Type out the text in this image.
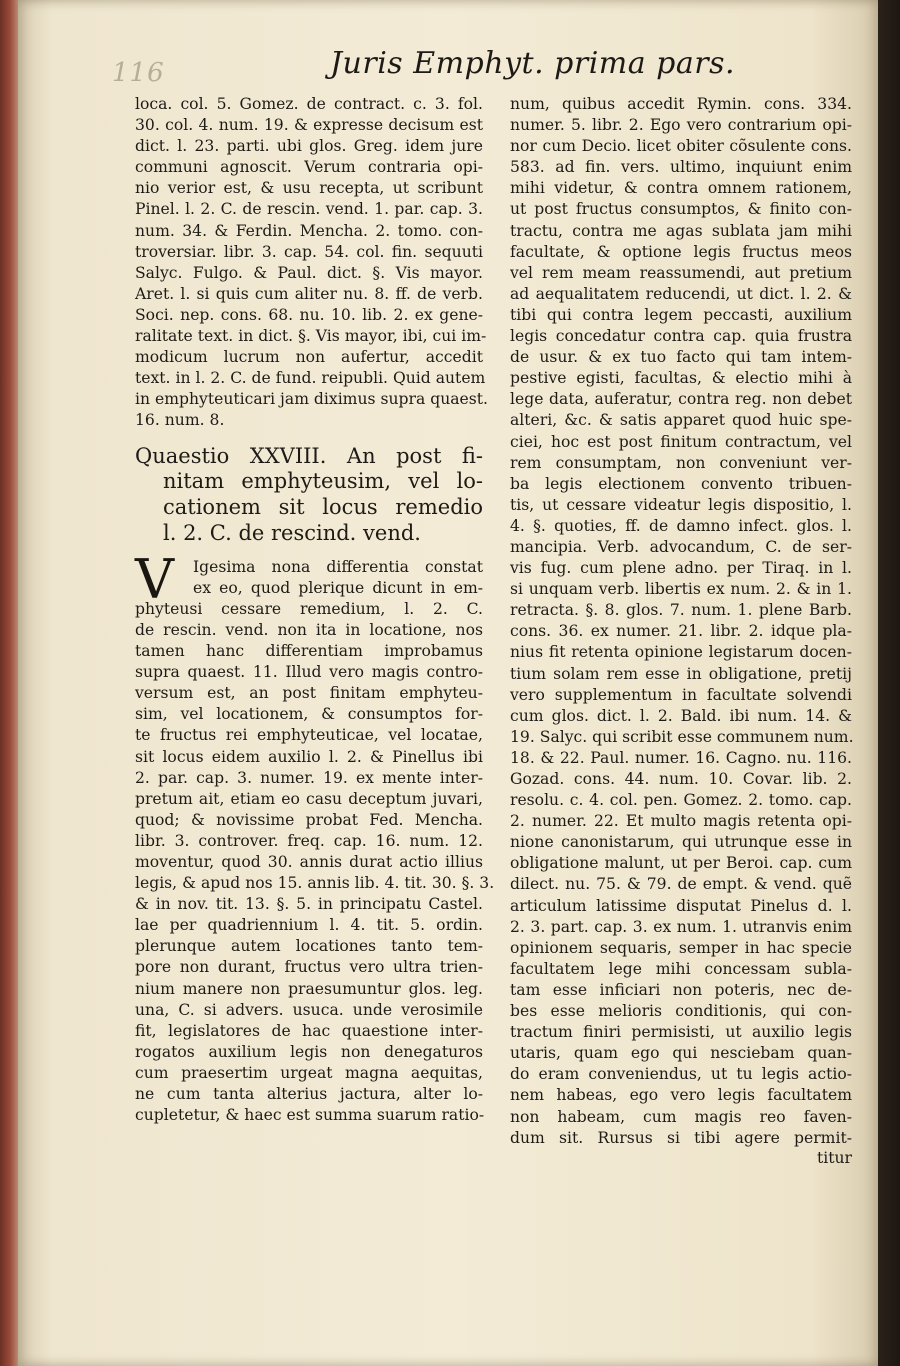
116	Juris Emphyt. prima pars.
loca. col. 5. Gomez. de contract. c. 3. fol.
30. col. 4. num. 19. & expresse decisum est
dict. l. 23. parti. ubi glos. Greg. idem jure
communi agnoscit. Verum contraria opi-
nio verior est, & usu recepta, ut scribunt
Pinel. l. 2. C. de rescin. vend. 1. par. cap. 3.
num. 34. & Ferdin. Mencha. 2. tomo. con-
troversiar. libr. 3. cap. 54. col. fin. sequuti
Salyc. Fulgo. & Paul. dict. §. Vis mayor.
Aret. l. si quis cum aliter nu. 8. ff. de verb.
Soci. nep. cons. 68. nu. 10. lib. 2. ex gene-
ralitate text. in dict. §. Vis mayor, ibi, cui im-
modicum lucrum non aufertur, accedit
text. in l. 2. C. de fund. reipubli. Quid autem
in emphyteuticari jam diximus supra quaest.
16. num. 8.
Quaestio XXVIII. An post fi-
nitam emphyteusim, vel lo-
cationem sit locus remedio
l. 2. C. de rescind. vend.
V	Igesima nona differentia constat
ex eo, quod plerique dicunt in em-
phyteusi cessare remedium, l. 2. C.
de rescin. vend. non ita in locatione, nos
tamen hanc differentiam improbamus
supra quaest. 11. Illud vero magis contro-
versum est, an post finitam emphyteu-
sim, vel locationem, & consumptos for-
te fructus rei emphyteuticae, vel locatae,
sit locus eidem auxilio l. 2. & Pinellus ibi
2. par. cap. 3. numer. 19. ex mente inter-
pretum ait, etiam eo casu deceptum juvari,
quod; & novissime probat Fed. Mencha.
libr. 3. controver. freq. cap. 16. num. 12.
moventur, quod 30. annis durat actio illius
legis, & apud nos 15. annis lib. 4. tit. 30. §. 3.
& in nov. tit. 13. §. 5. in principatu Castel.
lae per quadriennium l. 4. tit. 5. ordin.
plerunque autem locationes tanto tem-
pore non durant, fructus vero ultra trien-
nium manere non praesumuntur glos. leg.
una, C. si advers. usuca. unde verosimile
fit, legislatores de hac quaestione inter-
rogatos auxilium legis non denegaturos
cum praesertim urgeat magna aequitas,
ne cum tanta alterius jactura, alter lo-
cupletetur, & haec est summa suarum ratio-
num, quibus accedit Rymin. cons. 334.
numer. 5. libr. 2. Ego vero contrarium opi-
nor cum Decio. licet obiter cõsulente cons.
583. ad fin. vers. ultimo, inquiunt enim
mihi videtur, & contra omnem rationem,
ut post fructus consumptos, & finito con-
tractu, contra me agas sublata jam mihi
facultate, & optione legis fructus meos
vel rem meam reassumendi, aut pretium
ad aequalitatem reducendi, ut dict. l. 2. &
tibi qui contra legem peccasti, auxilium
legis concedatur contra cap. quia frustra
de usur. & ex tuo facto qui tam intem-
pestive egisti, facultas, & electio mihi à
lege data, auferatur, contra reg. non debet
alteri, &c. & satis apparet quod huic spe-
ciei, hoc est post finitum contractum, vel
rem consumptam, non conveniunt ver-
ba legis electionem convento tribuen-
tis, ut cessare videatur legis dispositio, l.
4. §. quoties, ff. de damno infect. glos. l.
mancipia. Verb. advocandum, C. de ser-
vis fug. cum plene adno. per Tiraq. in l.
si unquam verb. libertis ex num. 2. & in 1.
retracta. §. 8. glos. 7. num. 1. plene Barb.
cons. 36. ex numer. 21. libr. 2. idque pla-
nius fit retenta opinione legistarum docen-
tium solam rem esse in obligatione, pretij
vero supplementum in facultate solvendi
cum glos. dict. l. 2. Bald. ibi num. 14. &
19. Salyc. qui scribit esse communem num.
18. & 22. Paul. numer. 16. Cagno. nu. 116.
Gozad. cons. 44. num. 10. Covar. lib. 2.
resolu. c. 4. col. pen. Gomez. 2. tomo. cap.
2. numer. 22. Et multo magis retenta opi-
nione canonistarum, qui utrunque esse in
obligatione malunt, ut per Beroi. cap. cum
dilect. nu. 75. & 79. de empt. & vend. quẽ
articulum latissime disputat Pinelus d. l.
2. 3. part. cap. 3. ex num. 1. utranvis enim
opinionem sequaris, semper in hac specie
facultatem lege mihi concessam subla-
tam esse inficiari non poteris, nec de-
bes esse melioris conditionis, qui con-
tractum finiri permisisti, ut auxilio legis
utaris, quam ego qui nesciebam quan-
do eram conveniendus, ut tu legis actio-
nem habeas, ego vero legis facultatem
non habeam, cum magis reo faven-
dum sit. Rursus si tibi agere permit-
titur
